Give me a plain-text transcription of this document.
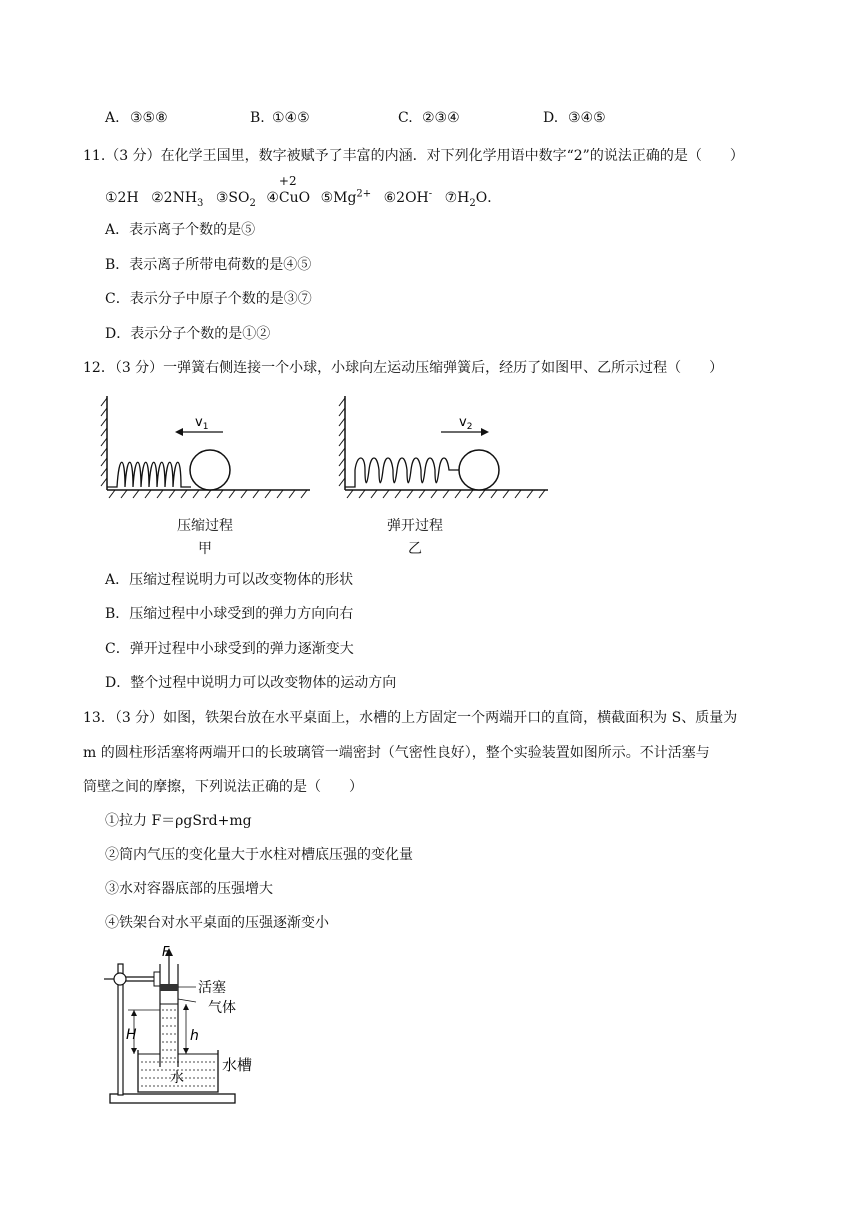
A. ③⑤⑧	B. ①④⑤	C. ②③④	D. ③④⑤
11.（3 分）在化学王国里，数字被赋予了丰富的内涵．对下列化学用语中数字“2”的说法正确的是（　　）
①2H $②2NH_3$ $③SO_2$ ④
+2
CuO $⑤Mg^{2+}$ ⑥2OH- $⑦H_2O$．
A．表示离子个数的是⑤
B．表示离子所带电荷数的是④⑤
C．表示分子中原子个数的是③⑦
D．表示分子个数的是①②
12．（3 分）一弹簧右侧连接一个小球，小球向左运动压缩弹簧后，经历了如图甲、乙所示过程（　　）
$v_1$
压缩过程
甲
$v_2$
弹开过程
乙
A．压缩过程说明力可以改变物体的形状
B．压缩过程中小球受到的弹力方向向右
C．弹开过程中小球受到的弹力逐渐变大
D．整个过程中说明力可以改变物体的运动方向
13．（3 分）如图，铁架台放在水平桌面上，水槽的上方固定一个两端开口的直筒，横截面积为 S、质量为
m 的圆柱形活塞将两端开口的长玻璃管一端密封（气密性良好），整个实验装置如图所示。不计活塞与
筒壁之间的摩擦，下列说法正确的是（　　）
①拉力 F＝ρgSrd+mg
②筒内气压的变化量大于水柱对槽底压强的变化量
③水对容器底部的压强增大
④铁架台对水平桌面的压强逐渐变小
F
H	h
活塞
气体
水槽
水
